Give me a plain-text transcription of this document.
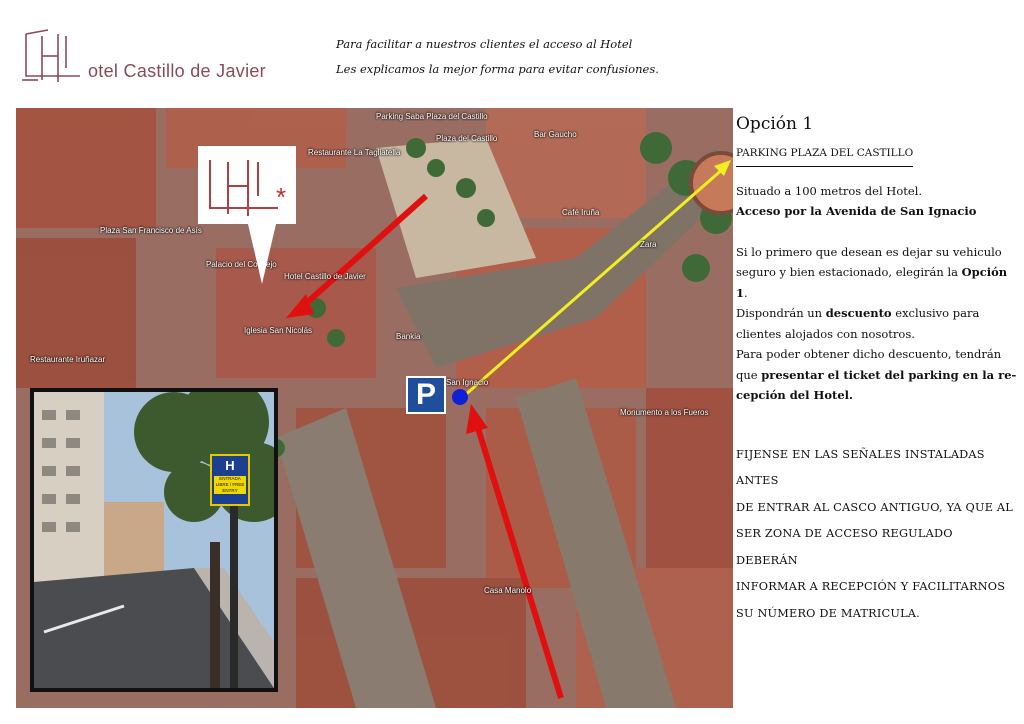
otel Castillo de Javier
Para facilitar a nuestros clientes el acceso al Hotel
Les explicamos la mejor forma para evitar confusiones.
Parking Saba Plaza del Castillo
Plaza del Castillo
Restaurante La Tagliatella
Plaza San Francisco de Asís
Palacio del Consejo
Hotel Castillo de Javier
Iglesia San Nicolás
Restaurante Iruñazar
Bankia
San Ignacio
Casa Manolo
Zara
Bar Gaucho
Café Iruña
Monumento a los Fueros
*
P
H
ENTRADA LIBRE / FREE ENTRY
Opción 1
PARKING PLAZA DEL CASTILLO

Situado a 100 metros del Hotel.

Acceso por la Avenida de San Ignacio

Si lo primero que desean es dejar su vehiculo seguro y bien estacionado, elegirán la Opción 1.

Dispondrán un descuento exclusivo para clientes alojados con nosotros.

Para poder obtener dicho descuento, tendrán que presentar el ticket del parking en la re-cepción del Hotel.

FIJENSE EN LAS SEÑALES INSTALADAS ANTES
DE ENTRAR AL CASCO ANTIGUO, YA QUE AL
SER ZONA DE ACCESO REGULADO DEBERÁN
INFORMAR A RECEPCIÓN Y FACILITARNOS
SU NÚMERO DE MATRICULA.
